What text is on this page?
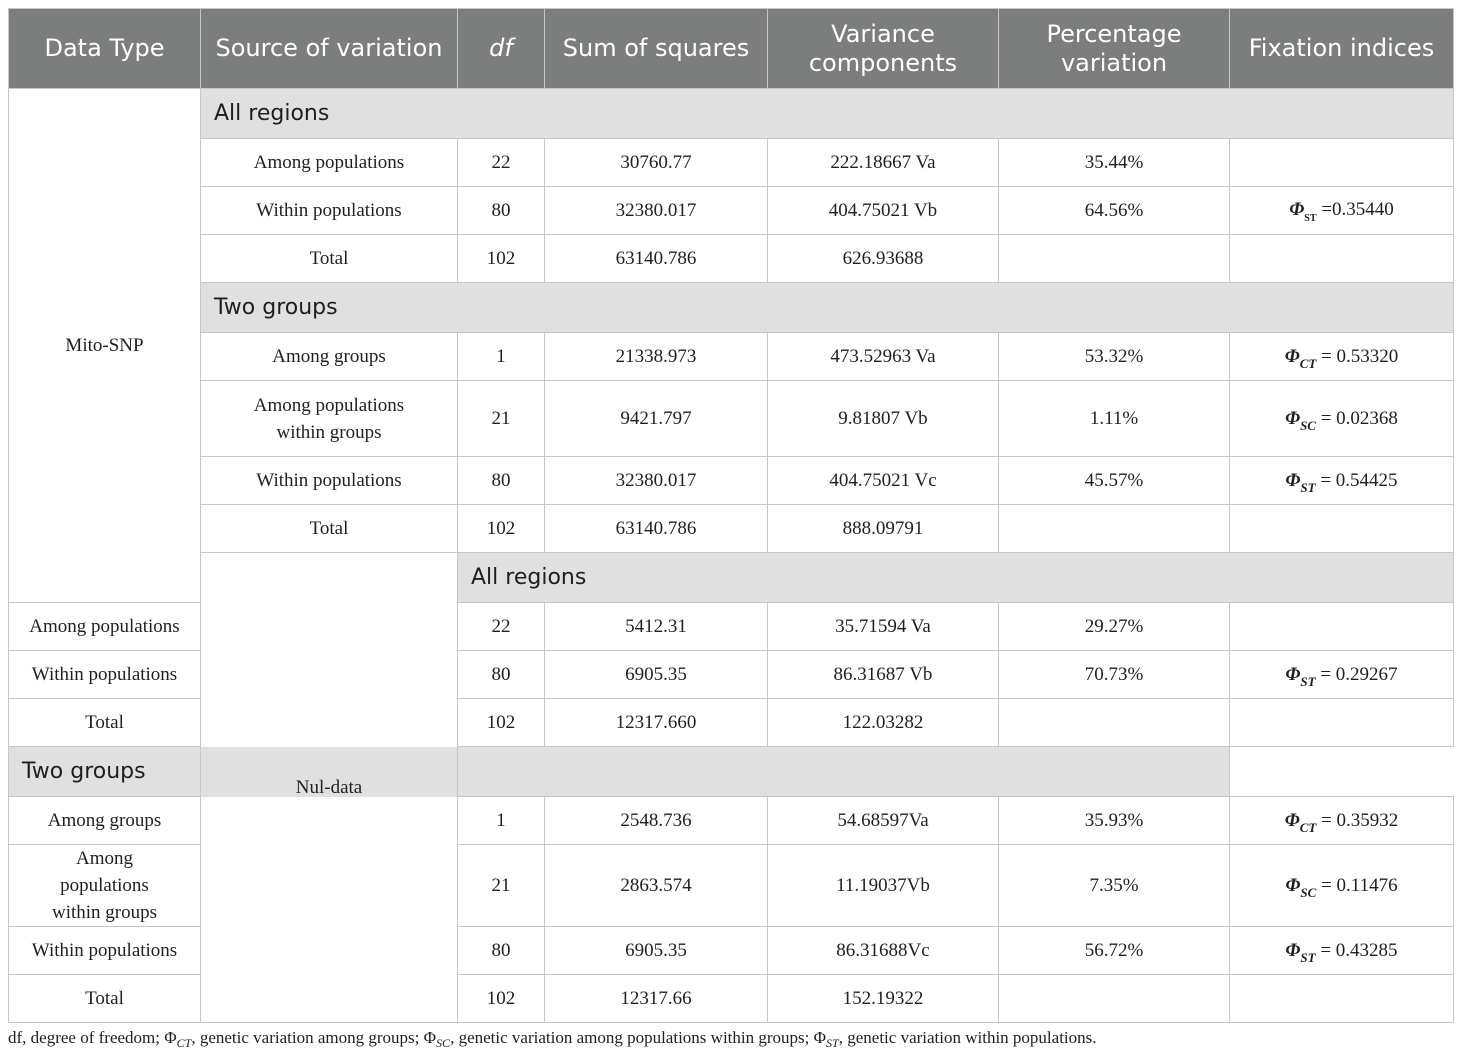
Data Type	Source of variation	df	Sum of squares	Variance components	Percentage variation	Fixation indices
Mito-SNP	All regions					
	Among populations	22	30760.77	222.18667 Va	35.44%	
	Within populations	80	32380.017	404.75021 Vb	64.56%	$\Phi_{ST} =0.35440$
	Total	102	63140.786	626.93688		
	Two groups					
	Among groups	1	21338.973	473.52963 Va	53.32%	$\Phi_{CT} = 0.53320$
	Among populations within groups	21	9421.797	9.81807 Vb	1.11%	$\Phi_{SC} = 0.02368$
	Within populations	80	32380.017	404.75021 Vc	45.57%	$\Phi_{ST} = 0.54425$
	Total	102	63140.786	888.09791		
	Nul-data	All regions				
Among populations		22	5412.31	35.71594 Va	29.27%	
Within populations		80	6905.35	86.31687 Vb	70.73%	$\Phi_{ST} = 0.29267$
Total		102	12317.660	122.03282		
Two groups						
Among groups		1	2548.736	54.68597Va	35.93%	$\Phi_{CT} = 0.35932$
Among populations within groups		21	2863.574	11.19037Vb	7.35%	$\Phi_{SC} = 0.11476$
Within populations		80	6905.35	86.31688Vc	56.72%	$\Phi_{ST} = 0.43285$
Total		102	12317.66	152.19322		
df, degree of freedom; $\Phi_{CT}$, genetic variation among groups; $\Phi_{SC}$, genetic variation among populations within groups; $\Phi_{ST}$, genetic variation within populations.
